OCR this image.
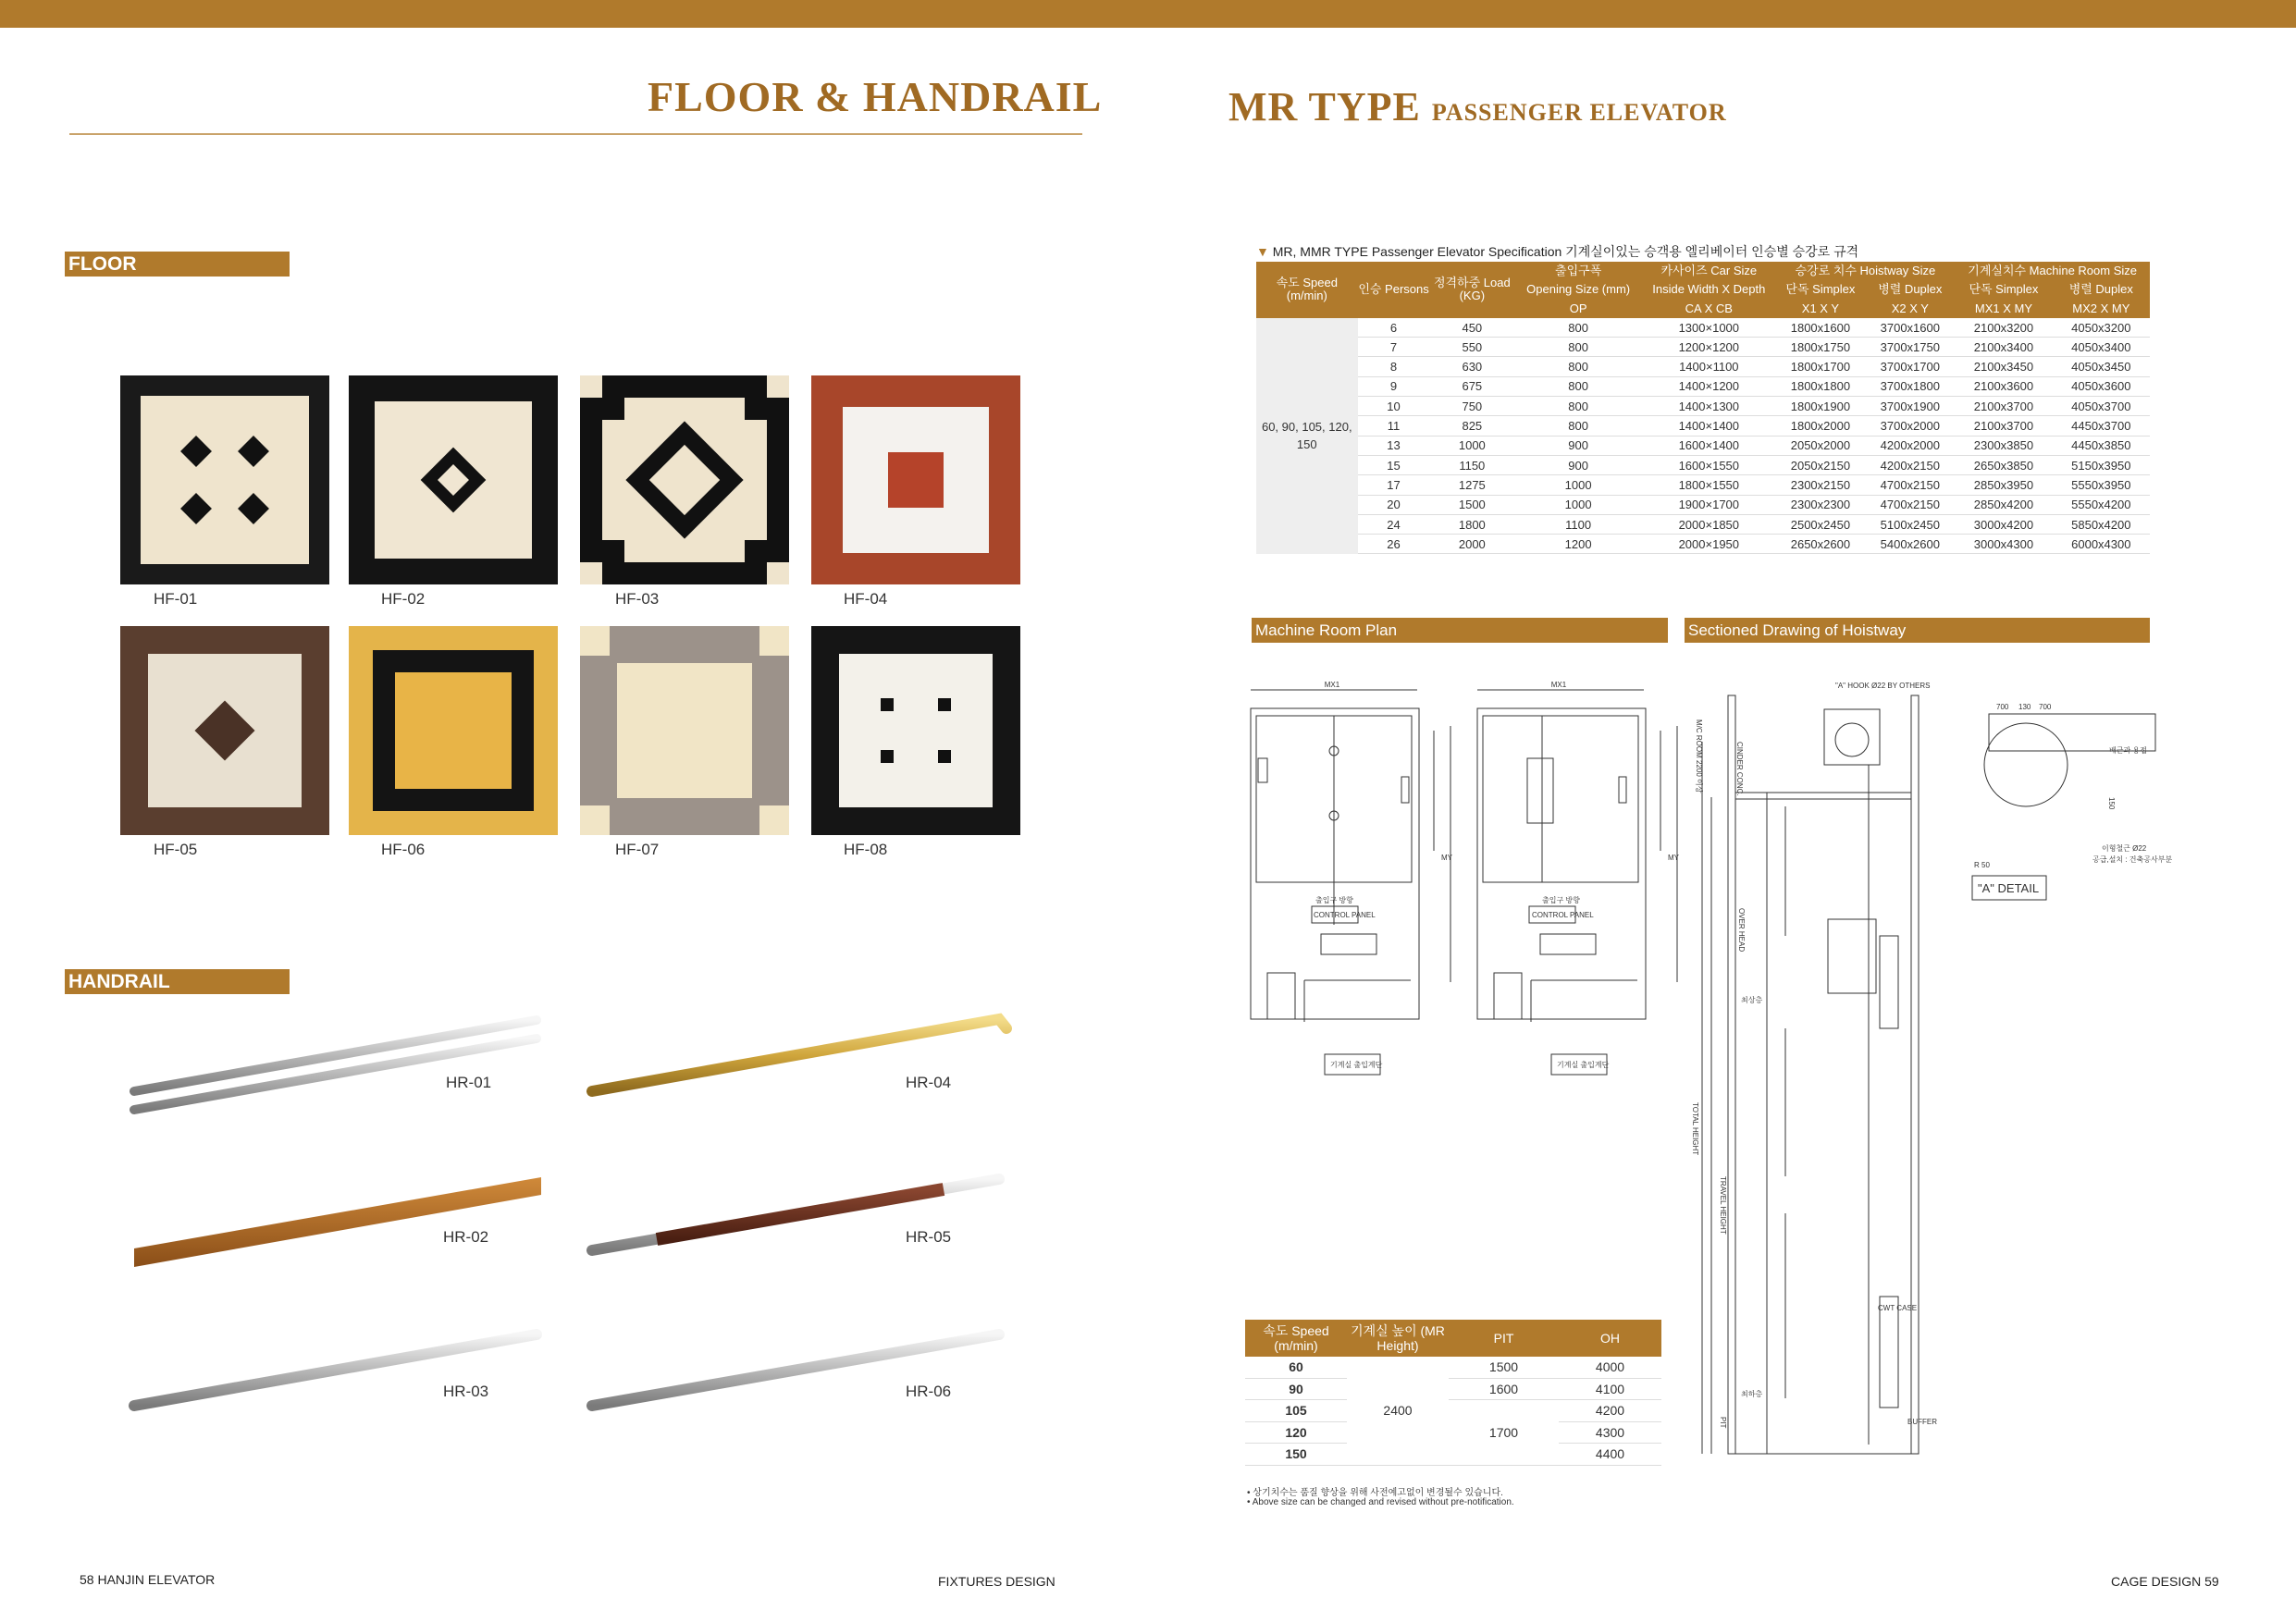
FLOOR & HANDRAIL	MR TYPE PASSENGER ELEVATOR
FLOOR
HF-01	HF-02	HF-03	HF-04
HF-05	HF-06	HF-07	HF-08
HANDRAIL
HR-01
HR-02
HR-03
HR-04
HR-05
HR-06
▼ MR, MMR TYPE Passenger Elevator Specification 기계실이있는 승객용 엘리베이터 인승별 승강로 규격
속도 Speed (m/min)	인승 Persons	정격하중 Load (KG)	출입구폭	카사이즈 Car Size	승강로 치수 Hoistway Size		기계실치수 Machine Room Size	
			Opening Size (mm)	Inside Width X Depth	단독 Simplex	병렬 Duplex	단독 Simplex	병렬 Duplex
			OP	CA X CB	X1 X Y	X2 X Y	MX1 X MY	MX2 X MY
60, 90, 105, 120, 150	6	450	800	1300×1000	1800x1600	3700x1600	2100x3200	4050x3200
	7	550	800	1200×1200	1800x1750	3700x1750	2100x3400	4050x3400
	8	630	800	1400×1100	1800x1700	3700x1700	2100x3450	4050x3450
	9	675	800	1400×1200	1800x1800	3700x1800	2100x3600	4050x3600
	10	750	800	1400×1300	1800x1900	3700x1900	2100x3700	4050x3700
	11	825	800	1400×1400	1800x2000	3700x2000	2100x3700	4450x3700
	13	1000	900	1600×1400	2050x2000	4200x2000	2300x3850	4450x3850
	15	1150	900	1600×1550	2050x2150	4200x2150	2650x3850	5150x3950
	17	1275	1000	1800×1550	2300x2150	4700x2150	2850x3950	5550x3950
	20	1500	1000	1900×1700	2300x2300	4700x2150	2850x4200	5550x4200
	24	1800	1100	2000×1850	2500x2450	5100x2450	3000x4200	5850x4200
	26	2000	1200	2000×1950	2650x2600	5400x2600	3000x4300	6000x4300
Machine Room Plan	Sectioned Drawing of Hoistway
MX1	MX1
MY	MY
출입구 방향
CONTROL PANEL
출입구 방향
CONTROL PANEL
기계실 출입계단	기계실 출입계단
"A" HOOK Ø22 BY OTHERS
OVER HEAD
TOTAL HEIGHT
TRAVEL HEIGHT
PIT	BUFFER
CWT CASE
최상층
최하층
CINDER CONC.
M/C ROOM 2200 이상
R 50
150
700 130 700
배근과 용접
이형철근 Ø22
공급,설치 : 건축공사부분
"A" DETAIL
속도 Speed (m/min)	기계실 높이 (MR Height)	PIT	OH
60	2400	1500	4000
90		1600	4100
105		1700	4200
120			4300
150			4400
• 상기치수는 품질 향상을 위해 사전예고없이 변경될수 있습니다.
• Above size can be changed and revised without pre-notification.
58 HANJIN ELEVATOR	FIXTURES DESIGN	CAGE DESIGN 59
